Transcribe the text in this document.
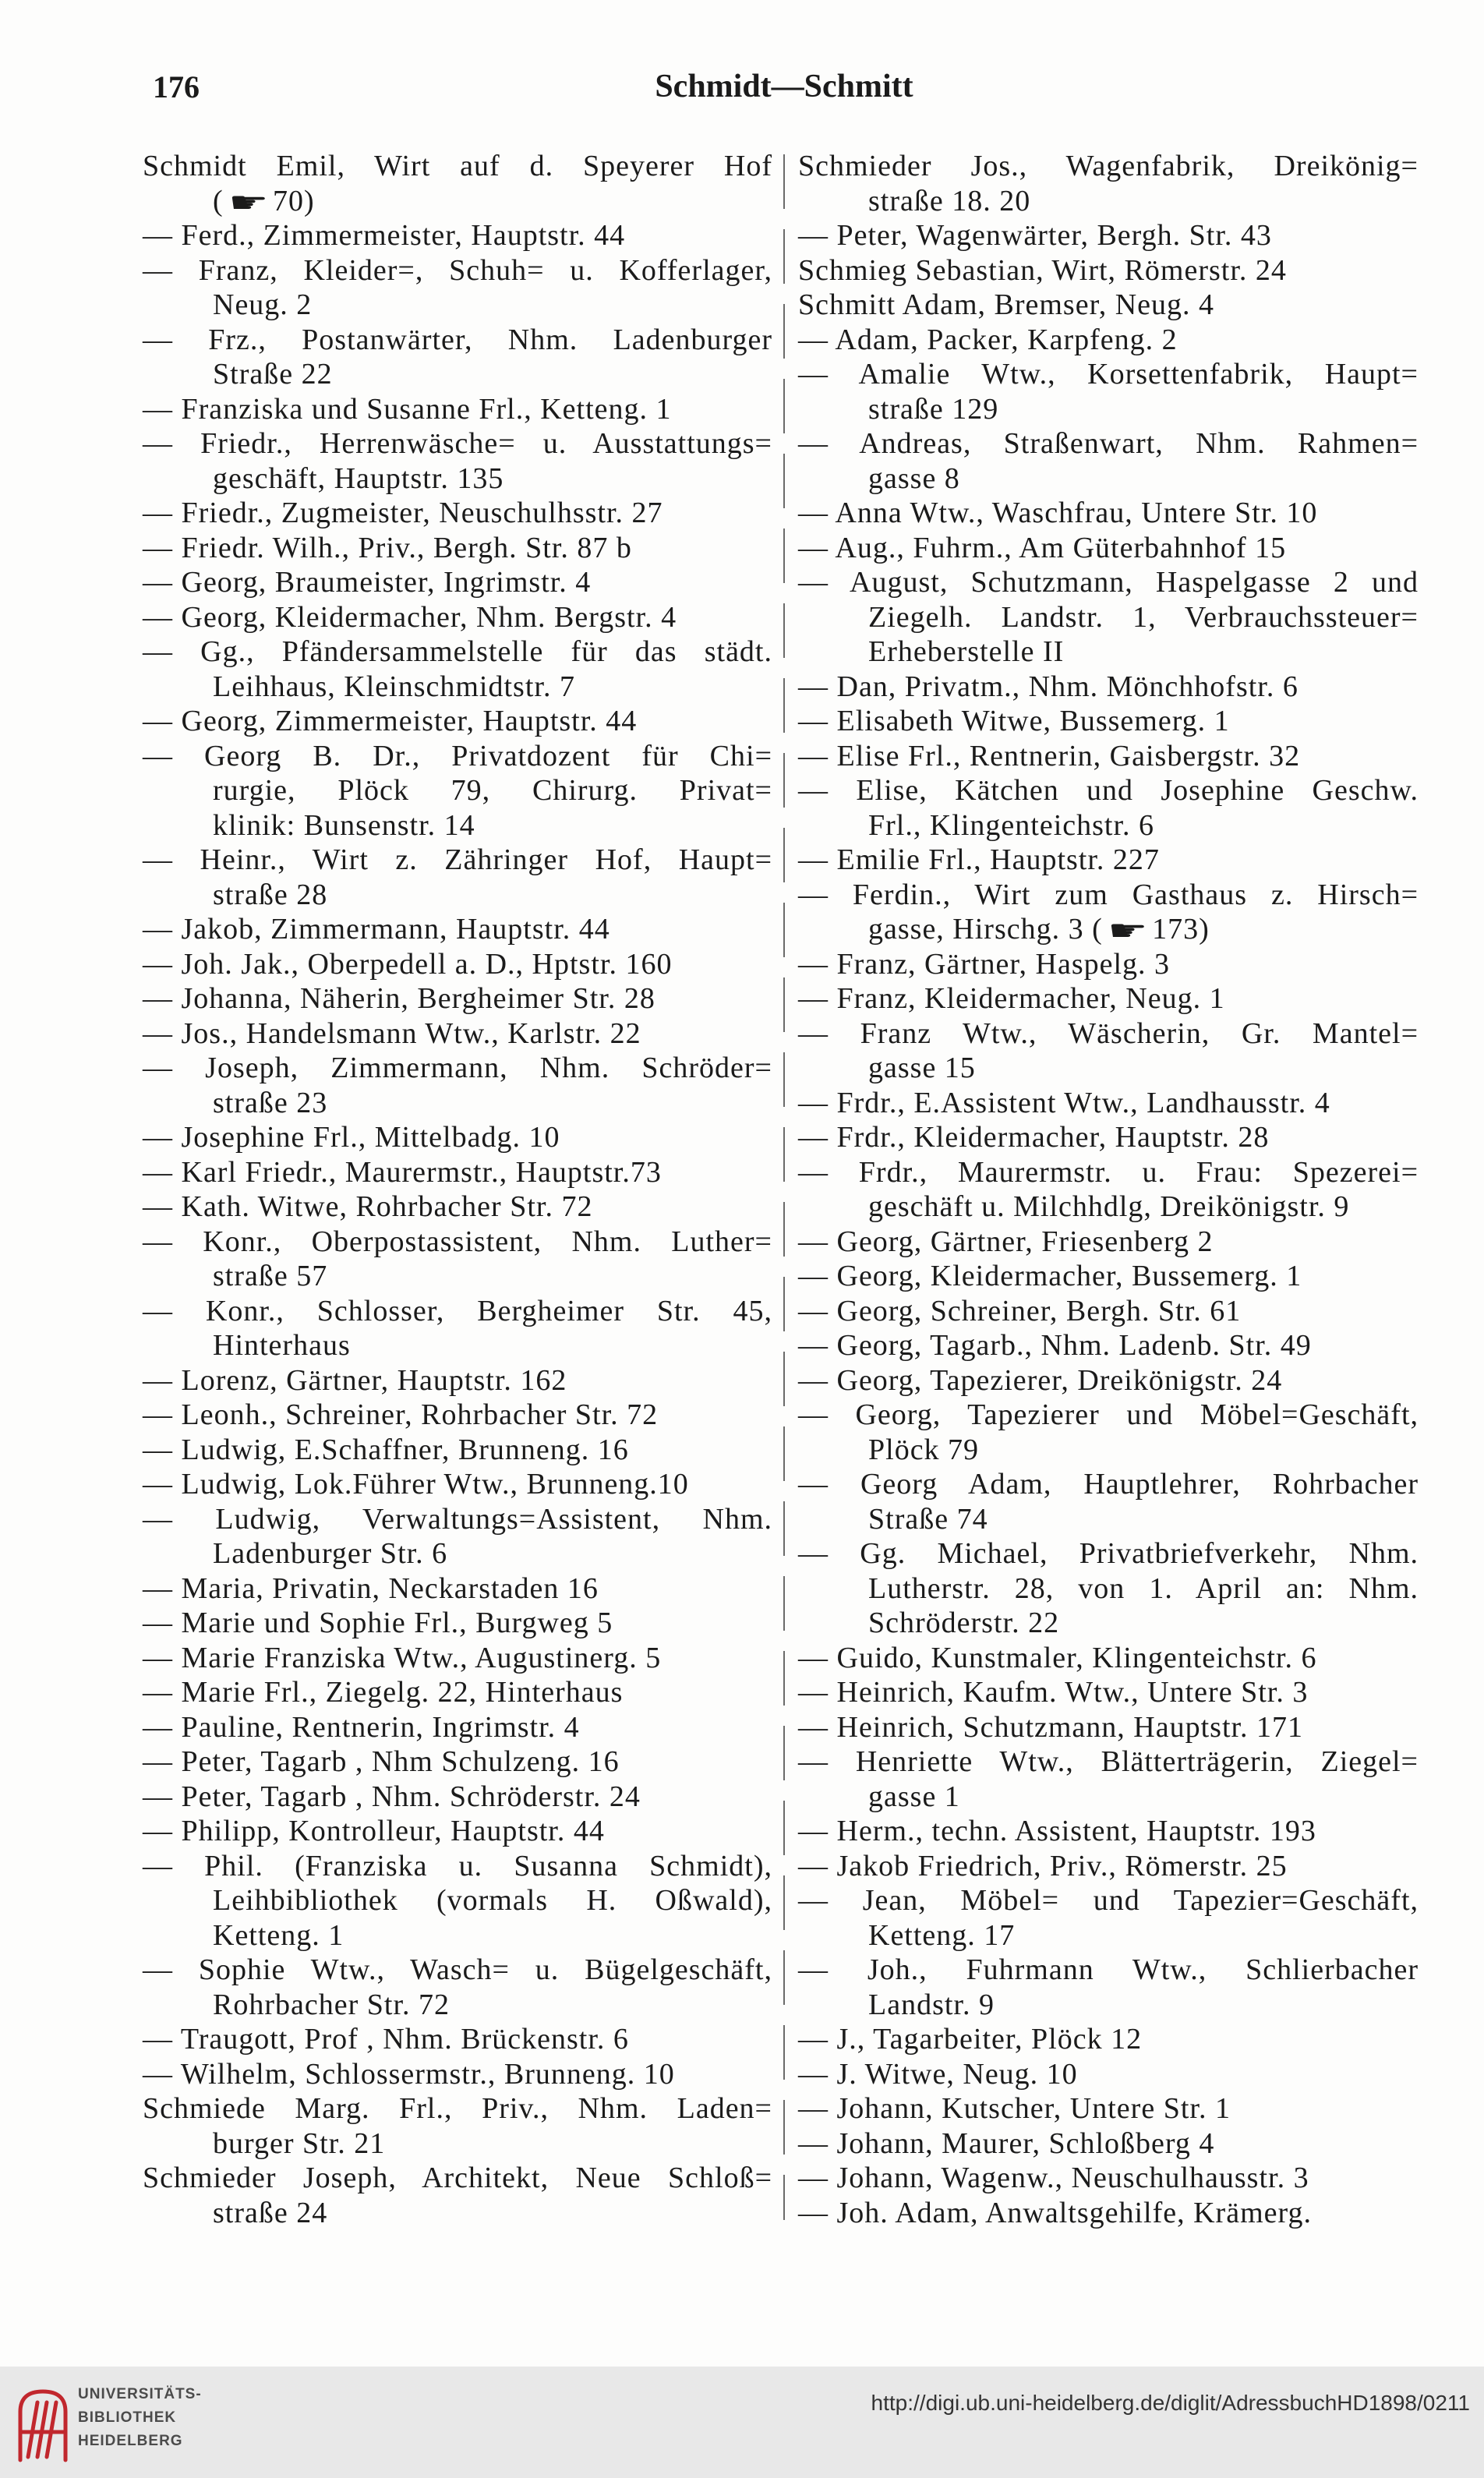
176	Schmidt—Schmitt
Schmidt Emil, Wirt auf d. Speyerer Hof
( ☛ 70)
— Ferd., Zimmermeister, Hauptstr. 44
— Franz, Kleider=, Schuh= u. Kofferlager,
Neug. 2
— Frz., Postanwärter, Nhm. Ladenburger
Straße 22
— Franziska und Susanne Frl., Ketteng. 1
— Friedr., Herrenwäsche= u. Ausstattungs=
geschäft, Hauptstr. 135
— Friedr., Zugmeister, Neuschulhsstr. 27
— Friedr. Wilh., Priv., Bergh. Str. 87 b
— Georg, Braumeister, Ingrimstr. 4
— Georg, Kleidermacher, Nhm. Bergstr. 4
— Gg., Pfändersammelstelle für das städt.
Leihhaus, Kleinschmidtstr. 7
— Georg, Zimmermeister, Hauptstr. 44
— Georg B. Dr., Privatdozent für Chi=
rurgie, Plöck 79, Chirurg. Privat=
klinik: Bunsenstr. 14
— Heinr., Wirt z. Zähringer Hof, Haupt=
straße 28
— Jakob, Zimmermann, Hauptstr. 44
— Joh. Jak., Oberpedell a. D., Hptstr. 160
— Johanna, Näherin, Bergheimer Str. 28
— Jos., Handelsmann Wtw., Karlstr. 22
— Joseph, Zimmermann, Nhm. Schröder=
straße 23
— Josephine Frl., Mittelbadg. 10
— Karl Friedr., Maurermstr., Hauptstr.73
— Kath. Witwe, Rohrbacher Str. 72
— Konr., Oberpostassistent, Nhm. Luther=
straße 57
— Konr., Schlosser, Bergheimer Str. 45,
Hinterhaus
— Lorenz, Gärtner, Hauptstr. 162
— Leonh., Schreiner, Rohrbacher Str. 72
— Ludwig, E.Schaffner, Brunneng. 16
— Ludwig, Lok.Führer Wtw., Brunneng.10
— Ludwig, Verwaltungs=Assistent, Nhm.
Ladenburger Str. 6
— Maria, Privatin, Neckarstaden 16
— Marie und Sophie Frl., Burgweg 5
— Marie Franziska Wtw., Augustinerg. 5
— Marie Frl., Ziegelg. 22, Hinterhaus
— Pauline, Rentnerin, Ingrimstr. 4
— Peter, Tagarb , Nhm Schulzeng. 16
— Peter, Tagarb , Nhm. Schröderstr. 24
— Philipp, Kontrolleur, Hauptstr. 44
— Phil. (Franziska u. Susanna Schmidt),
Leihbibliothek (vormals H. Oßwald),
Ketteng. 1
— Sophie Wtw., Wasch= u. Bügelgeschäft,
Rohrbacher Str. 72
— Traugott, Prof , Nhm. Brückenstr. 6
— Wilhelm, Schlossermstr., Brunneng. 10
Schmiede Marg. Frl., Priv., Nhm. Laden=
burger Str. 21
Schmieder Joseph, Architekt, Neue Schloß=
straße 24
Schmieder Jos., Wagenfabrik, Dreikönig=
straße 18. 20
— Peter, Wagenwärter, Bergh. Str. 43
Schmieg Sebastian, Wirt, Römerstr. 24
Schmitt Adam, Bremser, Neug. 4
— Adam, Packer, Karpfeng. 2
— Amalie Wtw., Korsettenfabrik, Haupt=
straße 129
— Andreas, Straßenwart, Nhm. Rahmen=
gasse 8
— Anna Wtw., Waschfrau, Untere Str. 10
— Aug., Fuhrm., Am Güterbahnhof 15
— August, Schutzmann, Haspelgasse 2 und
Ziegelh. Landstr. 1, Verbrauchssteuer=
Erheberstelle II
— Dan, Privatm., Nhm. Mönchhofstr. 6
— Elisabeth Witwe, Bussemerg. 1
— Elise Frl., Rentnerin, Gaisbergstr. 32
— Elise, Kätchen und Josephine Geschw.
Frl., Klingenteichstr. 6
— Emilie Frl., Hauptstr. 227
— Ferdin., Wirt zum Gasthaus z. Hirsch=
gasse, Hirschg. 3 ( ☛ 173)
— Franz, Gärtner, Haspelg. 3
— Franz, Kleidermacher, Neug. 1
— Franz Wtw., Wäscherin, Gr. Mantel=
gasse 15
— Frdr., E.Assistent Wtw., Landhausstr. 4
— Frdr., Kleidermacher, Hauptstr. 28
— Frdr., Maurermstr. u. Frau: Spezerei=
geschäft u. Milchhdlg, Dreikönigstr. 9
— Georg, Gärtner, Friesenberg 2
— Georg, Kleidermacher, Bussemerg. 1
— Georg, Schreiner, Bergh. Str. 61
— Georg, Tagarb., Nhm. Ladenb. Str. 49
— Georg, Tapezierer, Dreikönigstr. 24
— Georg, Tapezierer und Möbel=Geschäft,
Plöck 79
— Georg Adam, Hauptlehrer, Rohrbacher
Straße 74
— Gg. Michael, Privatbriefverkehr, Nhm.
Lutherstr. 28, von 1. April an: Nhm.
Schröderstr. 22
— Guido, Kunstmaler, Klingenteichstr. 6
— Heinrich, Kaufm. Wtw., Untere Str. 3
— Heinrich, Schutzmann, Hauptstr. 171
— Henriette Wtw., Blätterträgerin, Ziegel=
gasse 1
— Herm., techn. Assistent, Hauptstr. 193
— Jakob Friedrich, Priv., Römerstr. 25
— Jean, Möbel= und Tapezier=Geschäft,
Ketteng. 17
— Joh., Fuhrmann Wtw., Schlierbacher
Landstr. 9
— J., Tagarbeiter, Plöck 12
— J. Witwe, Neug. 10
— Johann, Kutscher, Untere Str. 1
— Johann, Maurer, Schloßberg 4
— Johann, Wagenw., Neuschulhausstr. 3
— Joh. Adam, Anwaltsgehilfe, Krämerg.
UNIVERSITÄTS-
BIBLIOTHEK
HEIDELBERG
http://digi.ub.uni-heidelberg.de/diglit/AdressbuchHD1898/0211
